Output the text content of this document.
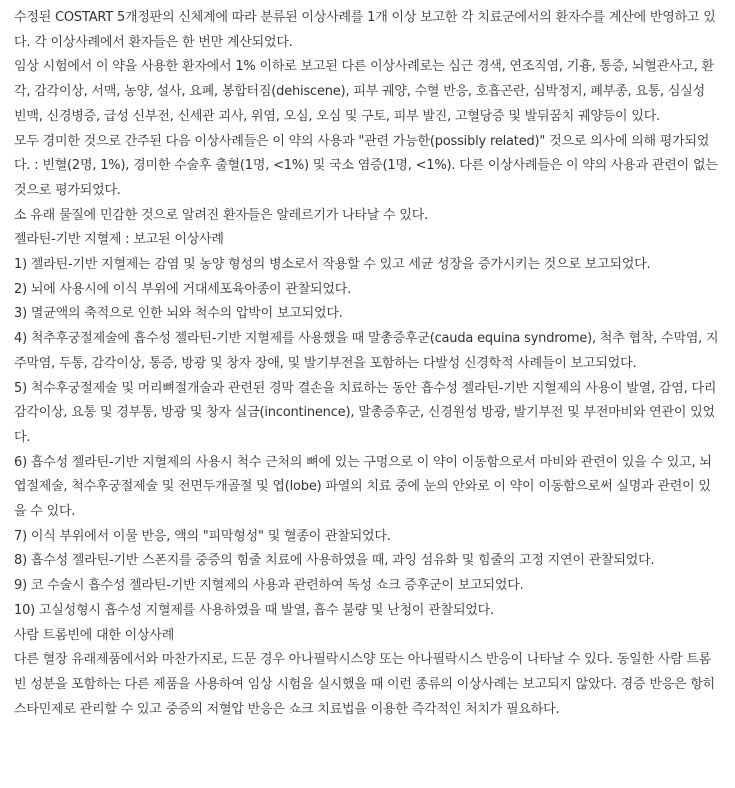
수정된 COSTART 5개정판의 신체계에 따라 분류된 이상사례를 1개 이상 보고한 각 치료군에서의 환자수를 계산에 반영하고 있다. 각 이상사례에서 환자들은 한 번만 계산되었다.

임상 시험에서 이 약을 사용한 환자에서 1% 이하로 보고된 다른 이상사례로는 심근 경색, 연조직염, 기흉, 통증, 뇌혈관사고, 환각, 감각이상, 서맥, 농양, 설사, 요폐, 봉합터짐(dehiscene), 피부 궤양, 수혈 반응, 호흡곤란, 심박정지, 폐부종, 요통, 심실성 빈맥, 신경병증, 급성 신부전, 신세관 괴사, 위염, 오심, 오심 및 구토, 피부 발진, 고혈당증 및 발뒤꿈치 궤양등이 있다.

모두 경미한 것으로 간주된 다음 이상사례들은 이 약의 사용과 "관련 가능한(possibly related)" 것으로 의사에 의해 평가되었다. : 빈혈(2명, 1%), 경미한 수술후 출혈(1명, <1%) 및 국소 염증(1명, <1%). 다른 이상사례들은 이 약의 사용과 관련이 없는 것으로 평가되었다.

소 유래 물질에 민감한 것으로 알려진 환자들은 알레르기가 나타날 수 있다.

젤라틴-기반 지혈제 : 보고된 이상사례

1) 젤라틴-기반 지혈제는 감염 및 농양 형성의 병소로서 작용할 수 있고 세균 성장을 증가시키는 것으로 보고되었다.

2) 뇌에 사용시에 이식 부위에 거대세포육아종이 관찰되었다.

3) 멸균액의 축적으로 인한 뇌와 척수의 압박이 보고되었다.

4) 척추후궁절제술에 흡수성 젤라틴-기반 지혈제를 사용했을 때 말총증후군(cauda equina syndrome), 척추 협착, 수막염, 지주막염, 두통, 감각이상, 통증, 방광 및 창자 장애, 및 발기부전을 포함하는 다발성 신경학적 사례들이 보고되었다.

5) 척수후궁절제술 및 머리뼈절개술과 관련된 경막 결손을 치료하는 동안 흡수성 젤라틴-기반 지혈제의 사용이 발열, 감염, 다리 감각이상, 요통 및 경부통, 방광 및 창자 실금(incontinence), 말총증후군, 신경원성 방광, 발기부전 및 부전마비와 연관이 있었다.

6) 흡수성 젤라틴-기반 지혈제의 사용시 척수 근처의 뼈에 있는 구멍으로 이 약이 이동함으로서 마비와 관련이 있을 수 있고, 뇌엽절제술, 척수후궁절제술 및 전면두개골절 및 엽(lobe) 파열의 치료 중에 눈의 안와로 이 약이 이동함으로써 실명과 관련이 있을 수 있다.

7) 이식 부위에서 이물 반응, 액의 "피막형성" 및 혈종이 관찰되었다.

8) 흡수성 젤라틴-기반 스폰지를 중증의 힘줄 치료에 사용하였을 때, 과잉 섬유화 및 힘줄의 고정 지연이 관찰되었다.

9) 코 수술시 흡수성 젤라틴-기반 지혈제의 사용과 관련하여 독성 쇼크 증후군이 보고되었다.

10) 고실성형시 흡수성 지혈제를 사용하였을 때 발열, 흡수 불량 및 난청이 관찰되었다.

사람 트롬빈에 대한 이상사례

다른 혈장 유래제품에서와 마찬가지로, 드문 경우 아나필락시스양 또는 아나필락시스 반응이 나타날 수 있다. 동일한 사람 트롬빈 성분을 포함하는 다른 제품을 사용하여 임상 시험을 실시했을 때 이런 종류의 이상사례는 보고되지 않았다. 경증 반응은 항히스타민제로 관리할 수 있고 중증의 저혈압 반응은 쇼크 치료법을 이용한 즉각적인 처치가 필요하다.
